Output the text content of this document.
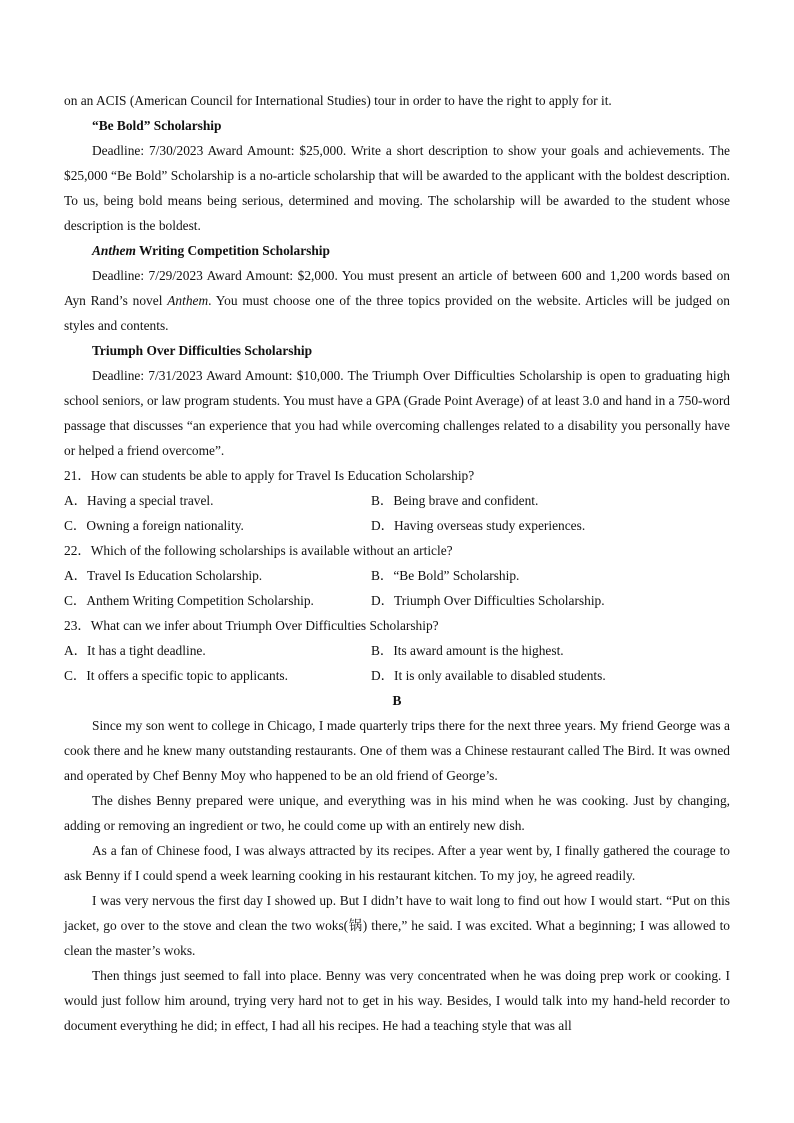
on an ACIS (American Council for International Studies) tour in order to have the right to apply for it.
“Be Bold” Scholarship
Deadline: 7/30/2023 Award Amount: $25,000. Write a short description to show your goals and achievements. The $25,000 “Be Bold” Scholarship is a no-article scholarship that will be awarded to the applicant with the boldest description. To us, being bold means being serious, determined and moving. The scholarship will be awarded to the student whose description is the boldest.
Anthem Writing Competition Scholarship
Deadline: 7/29/2023 Award Amount: $2,000. You must present an article of between 600 and 1,200 words based on Ayn Rand’s novel Anthem. You must choose one of the three topics provided on the website. Articles will be judged on styles and contents.
Triumph Over Difficulties Scholarship
Deadline: 7/31/2023 Award Amount: $10,000. The Triumph Over Difficulties Scholarship is open to graduating high school seniors, or law program students. You must have a GPA (Grade Point Average) of at least 3.0 and hand in a 750-word passage that discusses “an experience that you had while overcoming challenges related to a disability you personally have or helped a friend overcome”.
21．How can students be able to apply for Travel Is Education Scholarship?
A．Having a special travel.	B．Being brave and confident.
C．Owning a foreign nationality.	D．Having overseas study experiences.
22．Which of the following scholarships is available without an article?
A．Travel Is Education Scholarship.	B．“Be Bold” Scholarship.
C．Anthem Writing Competition Scholarship.	D．Triumph Over Difficulties Scholarship.
23．What can we infer about Triumph Over Difficulties Scholarship?
A．It has a tight deadline.	B．Its award amount is the highest.
C．It offers a specific topic to applicants.	D．It is only available to disabled students.
B
Since my son went to college in Chicago, I made quarterly trips there for the next three years. My friend George was a cook there and he knew many outstanding restaurants. One of them was a Chinese restaurant called The Bird. It was owned and operated by Chef Benny Moy who happened to be an old friend of George’s.
The dishes Benny prepared were unique, and everything was in his mind when he was cooking. Just by changing, adding or removing an ingredient or two, he could come up with an entirely new dish.
As a fan of Chinese food, I was always attracted by its recipes. After a year went by, I finally gathered the courage to ask Benny if I could spend a week learning cooking in his restaurant kitchen. To my joy, he agreed readily.
I was very nervous the first day I showed up. But I didn’t have to wait long to find out how I would start. “Put on this jacket, go over to the stove and clean the two woks(锅) there,” he said. I was excited. What a beginning; I was allowed to clean the master’s woks.
Then things just seemed to fall into place. Benny was very concentrated when he was doing prep work or cooking. I would just follow him around, trying very hard not to get in his way. Besides, I would talk into my hand-held recorder to document everything he did; in effect, I had all his recipes. He had a teaching style that was all
